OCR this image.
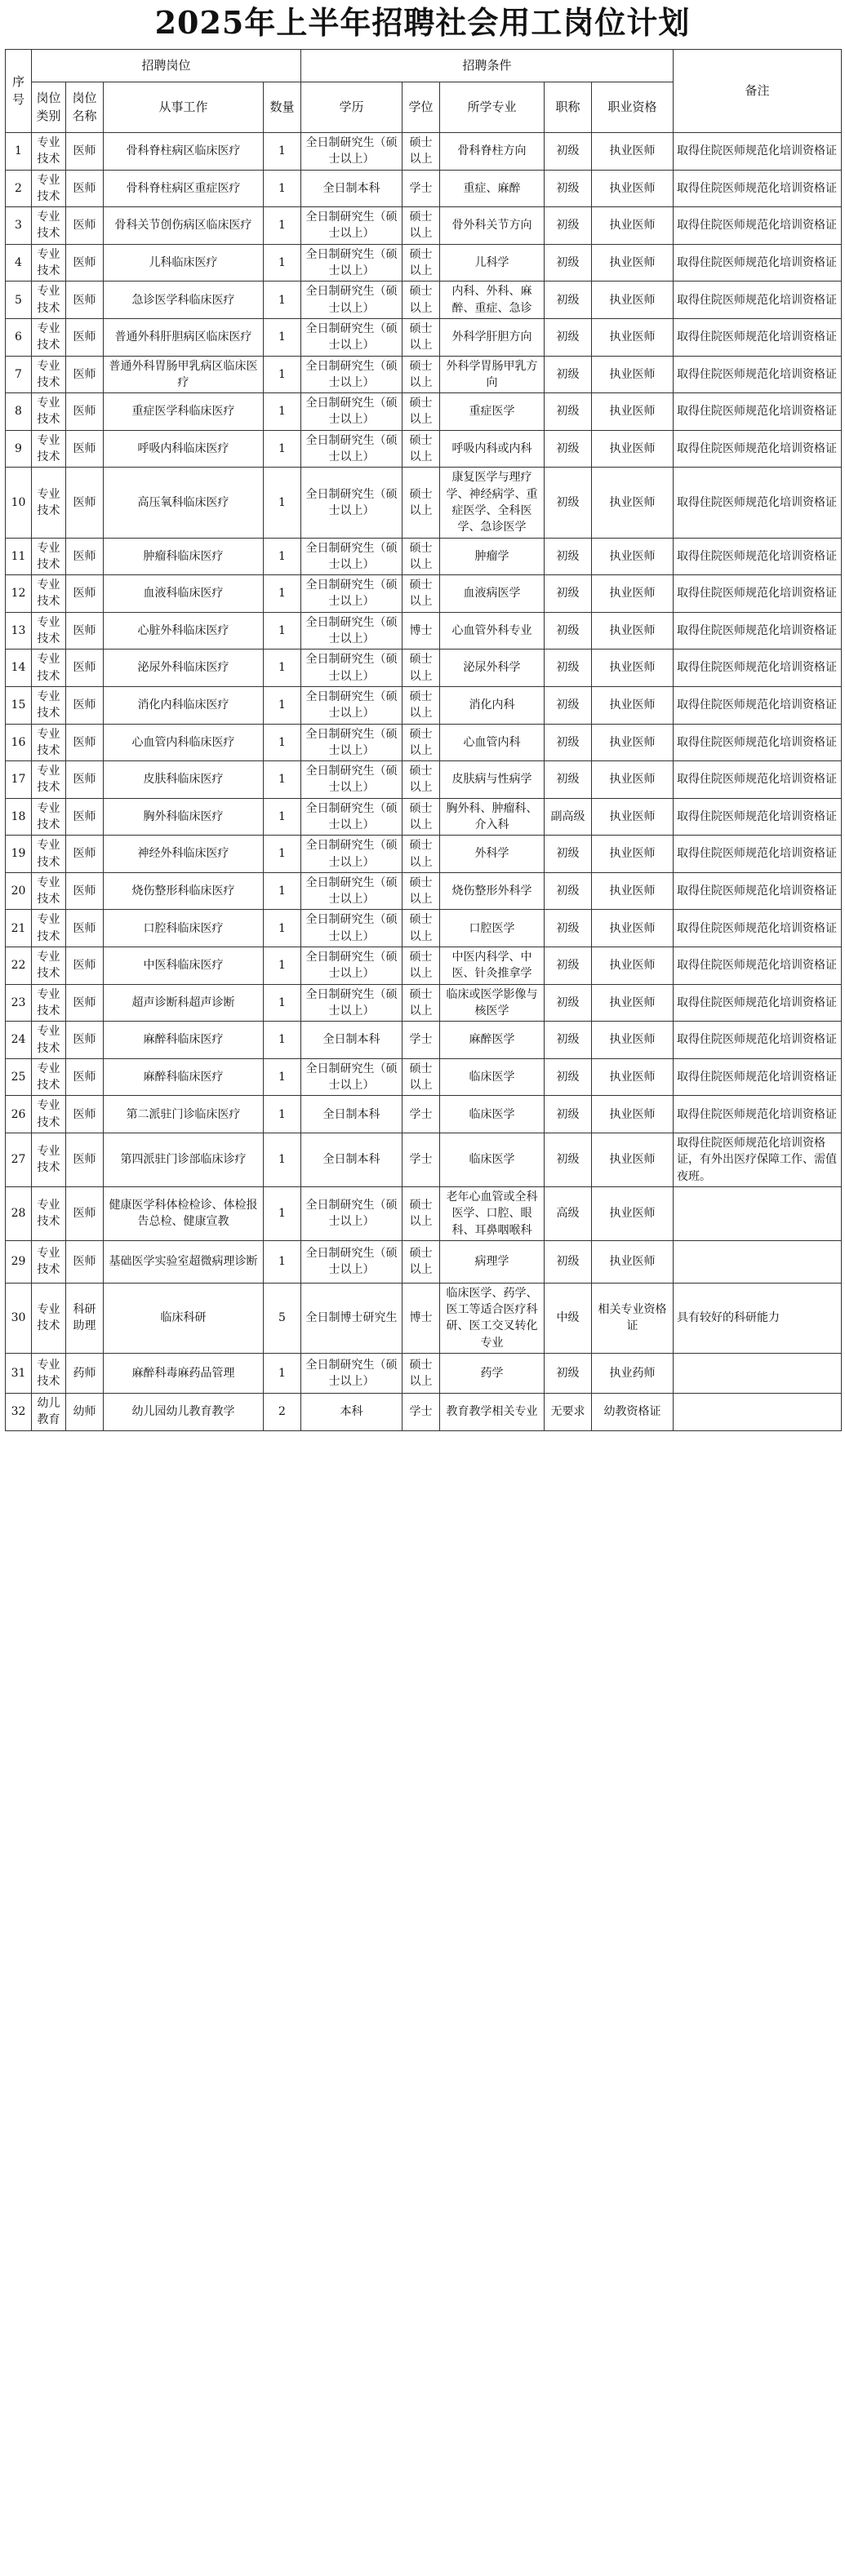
2025年上半年招聘社会用工岗位计划
序号	招聘岗位				招聘条件					备注
	岗位类别	岗位名称	从事工作	数量	学历	学位	所学专业	职称	职业资格	
1	专业技术	医师	骨科脊柱病区临床医疗	1	全日制研究生（硕士以上）	硕士以上	骨科脊柱方向	初级	执业医师	取得住院医师规范化培训资格证
2	专业技术	医师	骨科脊柱病区重症医疗	1	全日制本科	学士	重症、麻醉	初级	执业医师	取得住院医师规范化培训资格证
3	专业技术	医师	骨科关节创伤病区临床医疗	1	全日制研究生（硕士以上）	硕士以上	骨外科关节方向	初级	执业医师	取得住院医师规范化培训资格证
4	专业技术	医师	儿科临床医疗	1	全日制研究生（硕士以上）	硕士以上	儿科学	初级	执业医师	取得住院医师规范化培训资格证
5	专业技术	医师	急诊医学科临床医疗	1	全日制研究生（硕士以上）	硕士以上	内科、外科、麻醉、重症、急诊	初级	执业医师	取得住院医师规范化培训资格证
6	专业技术	医师	普通外科肝胆病区临床医疗	1	全日制研究生（硕士以上）	硕士以上	外科学肝胆方向	初级	执业医师	取得住院医师规范化培训资格证
7	专业技术	医师	普通外科胃肠甲乳病区临床医疗	1	全日制研究生（硕士以上）	硕士以上	外科学胃肠甲乳方向	初级	执业医师	取得住院医师规范化培训资格证
8	专业技术	医师	重症医学科临床医疗	1	全日制研究生（硕士以上）	硕士以上	重症医学	初级	执业医师	取得住院医师规范化培训资格证
9	专业技术	医师	呼吸内科临床医疗	1	全日制研究生（硕士以上）	硕士以上	呼吸内科或内科	初级	执业医师	取得住院医师规范化培训资格证
10	专业技术	医师	高压氧科临床医疗	1	全日制研究生（硕士以上）	硕士以上	康复医学与理疗学、神经病学、重症医学、全科医学、急诊医学	初级	执业医师	取得住院医师规范化培训资格证
11	专业技术	医师	肿瘤科临床医疗	1	全日制研究生（硕士以上）	硕士以上	肿瘤学	初级	执业医师	取得住院医师规范化培训资格证
12	专业技术	医师	血液科临床医疗	1	全日制研究生（硕士以上）	硕士以上	血液病医学	初级	执业医师	取得住院医师规范化培训资格证
13	专业技术	医师	心脏外科临床医疗	1	全日制研究生（硕士以上）	博士	心血管外科专业	初级	执业医师	取得住院医师规范化培训资格证
14	专业技术	医师	泌尿外科临床医疗	1	全日制研究生（硕士以上）	硕士以上	泌尿外科学	初级	执业医师	取得住院医师规范化培训资格证
15	专业技术	医师	消化内科临床医疗	1	全日制研究生（硕士以上）	硕士以上	消化内科	初级	执业医师	取得住院医师规范化培训资格证
16	专业技术	医师	心血管内科临床医疗	1	全日制研究生（硕士以上）	硕士以上	心血管内科	初级	执业医师	取得住院医师规范化培训资格证
17	专业技术	医师	皮肤科临床医疗	1	全日制研究生（硕士以上）	硕士以上	皮肤病与性病学	初级	执业医师	取得住院医师规范化培训资格证
18	专业技术	医师	胸外科临床医疗	1	全日制研究生（硕士以上）	硕士以上	胸外科、肿瘤科、介入科	副高级	执业医师	取得住院医师规范化培训资格证
19	专业技术	医师	神经外科临床医疗	1	全日制研究生（硕士以上）	硕士以上	外科学	初级	执业医师	取得住院医师规范化培训资格证
20	专业技术	医师	烧伤整形科临床医疗	1	全日制研究生（硕士以上）	硕士以上	烧伤整形外科学	初级	执业医师	取得住院医师规范化培训资格证
21	专业技术	医师	口腔科临床医疗	1	全日制研究生（硕士以上）	硕士以上	口腔医学	初级	执业医师	取得住院医师规范化培训资格证
22	专业技术	医师	中医科临床医疗	1	全日制研究生（硕士以上）	硕士以上	中医内科学、中医、针灸推拿学	初级	执业医师	取得住院医师规范化培训资格证
23	专业技术	医师	超声诊断科超声诊断	1	全日制研究生（硕士以上）	硕士以上	临床或医学影像与核医学	初级	执业医师	取得住院医师规范化培训资格证
24	专业技术	医师	麻醉科临床医疗	1	全日制本科	学士	麻醉医学	初级	执业医师	取得住院医师规范化培训资格证
25	专业技术	医师	麻醉科临床医疗	1	全日制研究生（硕士以上）	硕士以上	临床医学	初级	执业医师	取得住院医师规范化培训资格证
26	专业技术	医师	第二派驻门诊临床医疗	1	全日制本科	学士	临床医学	初级	执业医师	取得住院医师规范化培训资格证
27	专业技术	医师	第四派驻门诊部临床诊疗	1	全日制本科	学士	临床医学	初级	执业医师	取得住院医师规范化培训资格证，有外出医疗保障工作、需值夜班。
28	专业技术	医师	健康医学科体检检诊、体检报告总检、健康宣教	1	全日制研究生（硕士以上）	硕士以上	老年心血管或全科医学、口腔、眼科、耳鼻咽喉科	高级	执业医师	
29	专业技术	医师	基础医学实验室超微病理诊断	1	全日制研究生（硕士以上）	硕士以上	病理学	初级	执业医师	
30	专业技术	科研助理	临床科研	5	全日制博士研究生	博士	临床医学、药学、医工等适合医疗科研、医工交叉转化专业	中级	相关专业资格证	具有较好的科研能力
31	专业技术	药师	麻醉科毒麻药品管理	1	全日制研究生（硕士以上）	硕士以上	药学	初级	执业药师	
32	幼儿教育	幼师	幼儿园幼儿教育教学	2	本科	学士	教育教学相关专业	无要求	幼教资格证	
